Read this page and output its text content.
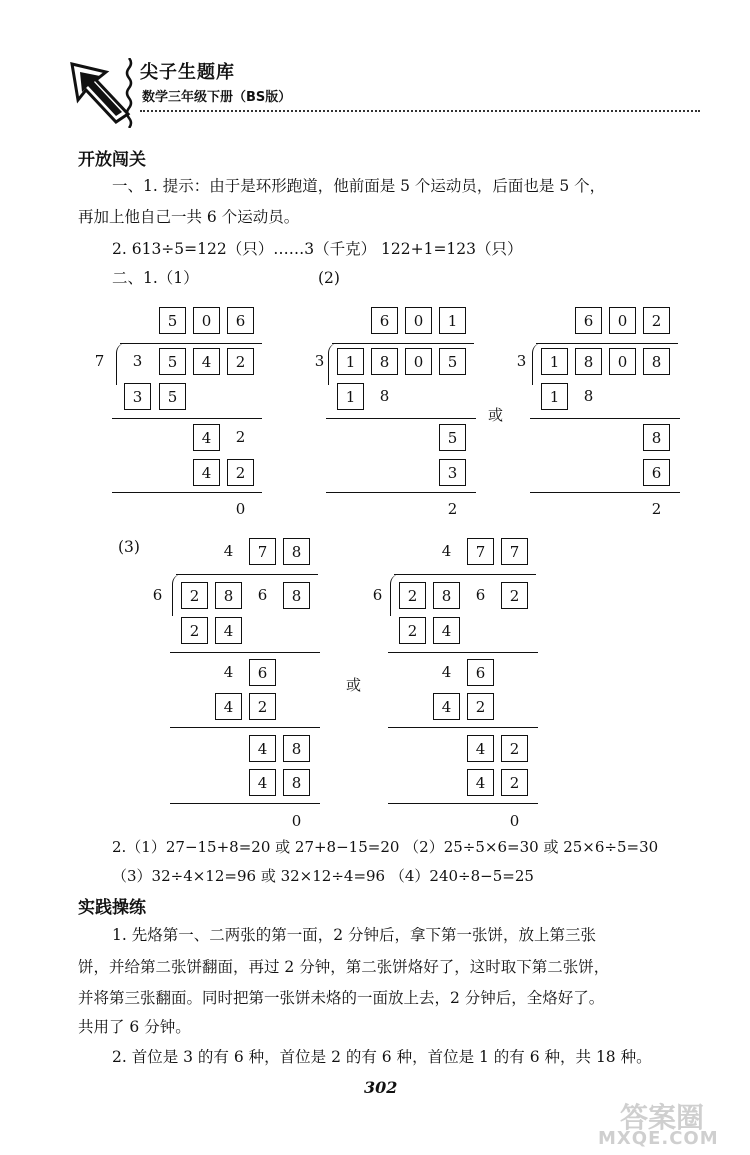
尖子生题库
数学三年级下册（BS版）
开放闯关
一、1. 提示：由于是环形跑道，他前面是 5 个运动员，后面也是 5 个，
再加上他自己一共 6 个运动员。
2. 613÷5=122（只）……3（千克） 122+1=123（只）
二、1.（1）	(2)
5	0	6
7	3	5	4	2
3	5
4	2
4	2
0
6	0	1
3	1	8	0	5
1	8
5
3
2
或
6	0	2
3	1	8	0	8
1	8
8
6
2
(3)	4	7	8
6	2	8	6	8
2	4
4	6
4	2
4	8
4	8
0
或
4	7	7
6	2	8	6	2
2	4
4	6
4	2
4	2
4	2
0
2.（1）27−15+8=20 或 27+8−15=20 （2）25÷5×6=30 或 25×6÷5=30
（3）32÷4×12=96 或 32×12÷4=96 （4）240÷8−5=25
实践操练
1. 先烙第一、二两张的第一面，2 分钟后，拿下第一张饼，放上第三张
饼，并给第二张饼翻面，再过 2 分钟，第二张饼烙好了，这时取下第二张饼，
并将第三张翻面。同时把第一张饼未烙的一面放上去，2 分钟后，全烙好了。
共用了 6 分钟。
2. 首位是 3 的有 6 种，首位是 2 的有 6 种，首位是 1 的有 6 种，共 18 种。
302
答案圈
MXQE.COM
